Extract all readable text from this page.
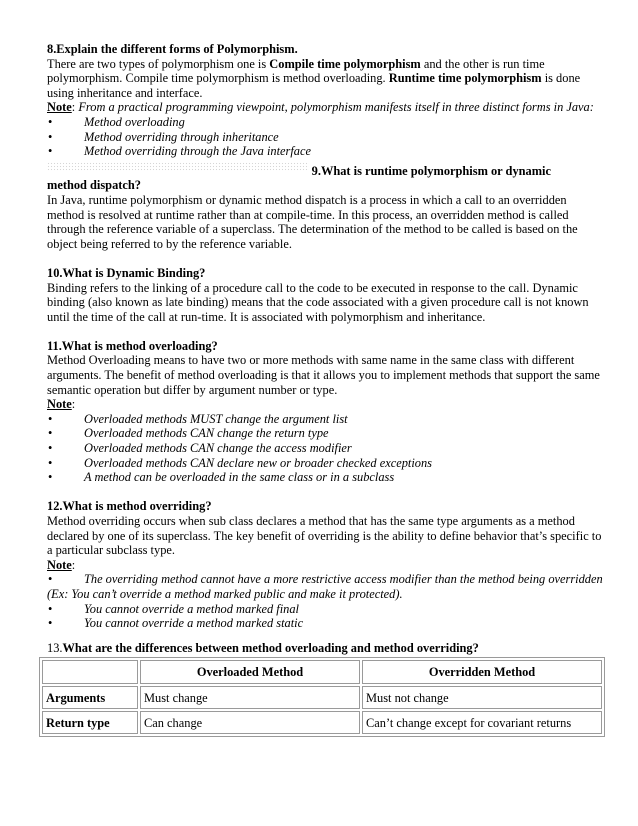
8.Explain the different forms of Polymorphism.

There are two types of polymorphism one is Compile time polymorphism and the other is run time polymorphism. Compile time polymorphism is method overloading. Runtime time polymorphism is done using inheritance and interface.

Note: From a practical programming viewpoint, polymorphism manifests itself in three distinct forms in Java:

• Method overloading
• Method overriding through inheritance
• Method overriding through the Java interface

9.What is runtime polymorphism or dynamic

method dispatch?

In Java, runtime polymorphism or dynamic method dispatch is a process in which a call to an overridden method is resolved at runtime rather than at compile-time. In this process, an overridden method is called through the reference variable of a superclass. The determination of the method to be called is based on the object being referred to by the reference variable.

10.What is Dynamic Binding?

Binding refers to the linking of a procedure call to the code to be executed in response to the call. Dynamic binding (also known as late binding) means that the code associated with a given procedure call is not known until the time of the call at run-time. It is associated with polymorphism and inheritance.

11.What is method overloading?

Method Overloading means to have two or more methods with same name in the same class with different arguments. The benefit of method overloading is that it allows you to implement methods that support the same semantic operation but differ by argument number or type.

Note:

• Overloaded methods MUST change the argument list
• Overloaded methods CAN change the return type
• Overloaded methods CAN change the access modifier
• Overloaded methods CAN declare new or broader checked exceptions
• A method can be overloaded in the same class or in a subclass

12.What is method overriding?

Method overriding occurs when sub class declares a method that has the same type arguments as a method declared by one of its superclass. The key benefit of overriding is the ability to define behavior that’s specific to a particular subclass type.

Note:

• The overriding method cannot have a more restrictive access modifier than the method being overridden (Ex: You can’t override a method marked public and make it protected).
• You cannot override a method marked final
• You cannot override a method marked static

13.What are the differences between method overloading and method overriding?

	Overloaded Method	Overridden Method
Arguments	Must change	Must not change
Return type	Can change	Can’t change except for covariant returns
